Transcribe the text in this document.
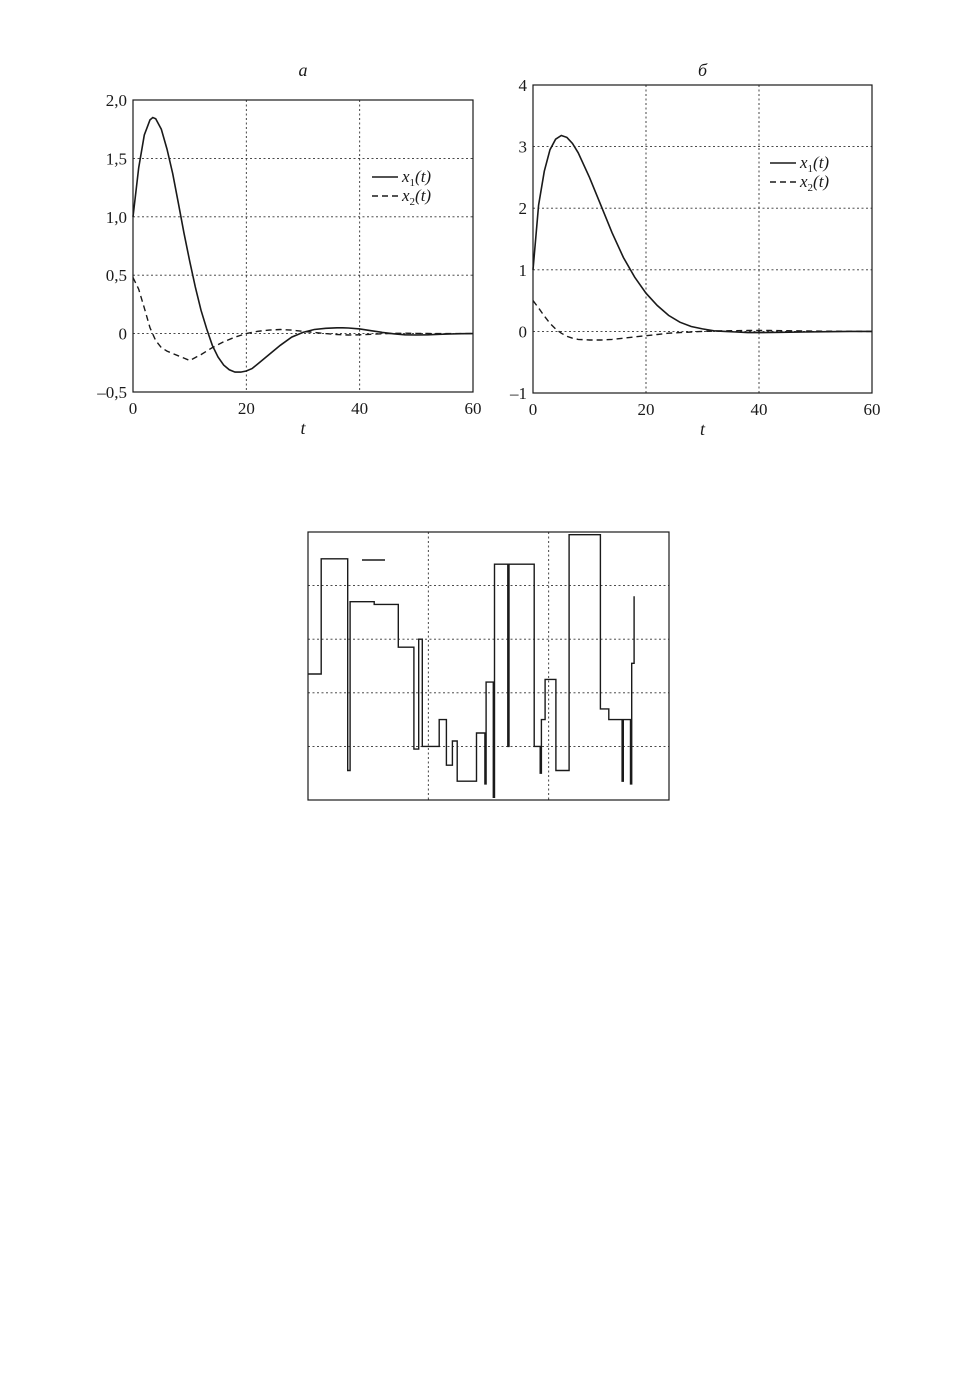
0	20	40	60
2,0
1,5
1,0
0,5
0
–0,5
а
t
$x_1(t)$
$x_2(t)$
0	20	40	60
4
3
2
1
0
–1
б
t
$x_1(t)$
$x_2(t)$
